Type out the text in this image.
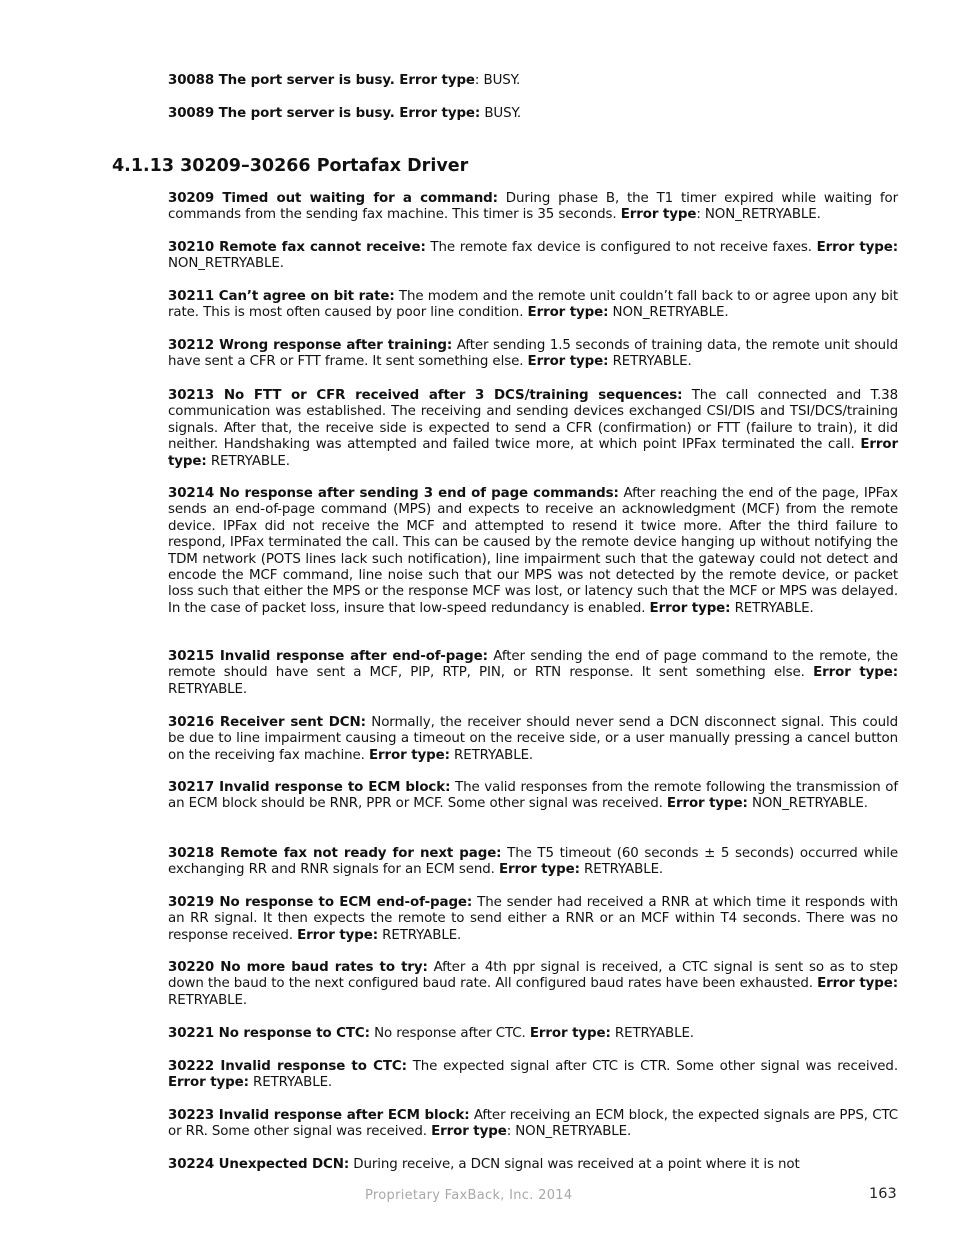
30088 The port server is busy. Error type: BUSY.

30089 The port server is busy. Error type: BUSY.

4.1.13 30209–30266 Portafax Driver

30209 Timed out waiting for a command: During phase B, the T1 timer expired while waiting for commands from the sending fax machine. This timer is 35 seconds. Error type: NON_RETRYABLE.

30210 Remote fax cannot receive: The remote fax device is configured to not receive faxes. Error type: NON_RETRYABLE.

30211 Can’t agree on bit rate: The modem and the remote unit couldn’t fall back to or agree upon any bit rate. This is most often caused by poor line condition. Error type: NON_RETRYABLE.

30212 Wrong response after training: After sending 1.5 seconds of training data, the remote unit should have sent a CFR or FTT frame. It sent something else. Error type: RETRYABLE.

30213 No FTT or CFR received after 3 DCS/training sequences: The call connected and T.38 communication was established. The receiving and sending devices exchanged CSI/DIS and TSI/DCS/training signals. After that, the receive side is expected to send a CFR (confirmation) or FTT (failure to train), it did neither. Handshaking was attempted and failed twice more, at which point IPFax terminated the call. Error type: RETRYABLE.

30214 No response after sending 3 end of page commands: After reaching the end of the page, IPFax sends an end-of-page command (MPS) and expects to receive an acknowledgment (MCF) from the remote device. IPFax did not receive the MCF and attempted to resend it twice more. After the third failure to respond, IPFax terminated the call. This can be caused by the remote device hanging up without notifying the TDM network (POTS lines lack such notification), line impairment such that the gateway could not detect and encode the MCF command, line noise such that our MPS was not detected by the remote device, or packet loss such that either the MPS or the response MCF was lost, or latency such that the MCF or MPS was delayed. In the case of packet loss, insure that low-speed redundancy is enabled. Error type: RETRYABLE.

30215 Invalid response after end-of-page: After sending the end of page command to the remote, the remote should have sent a MCF, PIP, RTP, PIN, or RTN response. It sent something else. Error type: RETRYABLE.

30216 Receiver sent DCN: Normally, the receiver should never send a DCN disconnect signal. This could be due to line impairment causing a timeout on the receive side, or a user manually pressing a cancel button on the receiving fax machine. Error type: RETRYABLE.

30217 Invalid response to ECM block: The valid responses from the remote following the transmission of an ECM block should be RNR, PPR or MCF. Some other signal was received. Error type: NON_RETRYABLE.

30218 Remote fax not ready for next page: The T5 timeout (60 seconds ± 5 seconds) occurred while exchanging RR and RNR signals for an ECM send. Error type: RETRYABLE.

30219 No response to ECM end-of-page: The sender had received a RNR at which time it responds with an RR signal. It then expects the remote to send either a RNR or an MCF within T4 seconds. There was no response received. Error type: RETRYABLE.

30220 No more baud rates to try: After a 4th ppr signal is received, a CTC signal is sent so as to step down the baud to the next configured baud rate. All configured baud rates have been exhausted. Error type: RETRYABLE.

30221 No response to CTC: No response after CTC. Error type: RETRYABLE.

30222 Invalid response to CTC: The expected signal after CTC is CTR. Some other signal was received. Error type: RETRYABLE.

30223 Invalid response after ECM block: After receiving an ECM block, the expected signals are PPS, CTC or RR. Some other signal was received. Error type: NON_RETRYABLE.

30224 Unexpected DCN: During receive, a DCN signal was received at a point where it is not

Proprietary FaxBack, Inc. 2014	163
